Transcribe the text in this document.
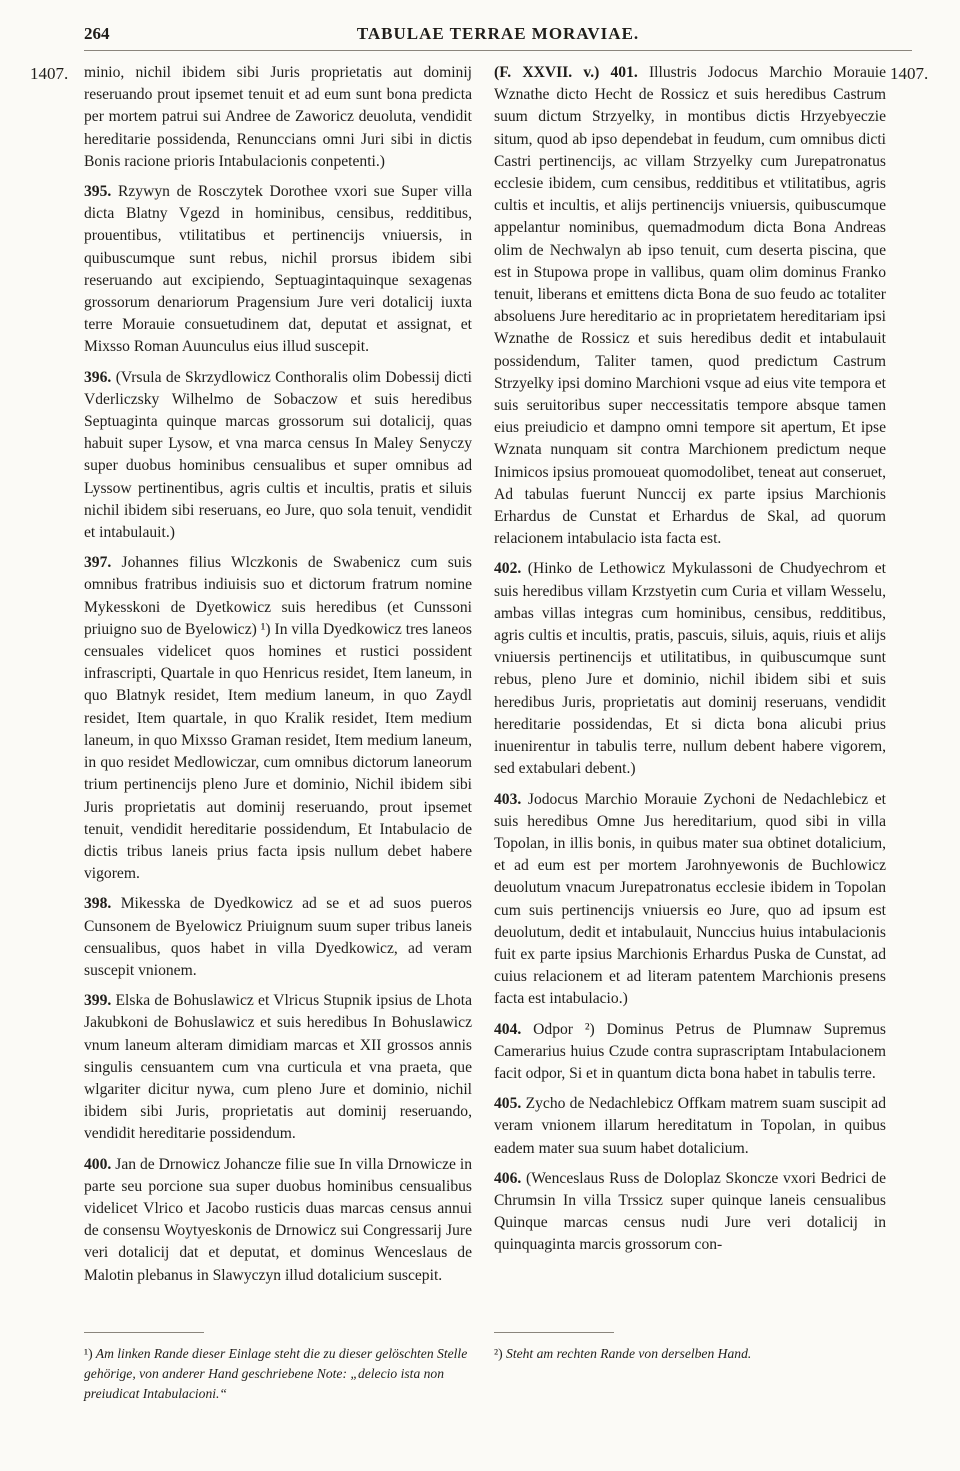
264	TABULAE TERRAE MORAVIAE.
1407.	1407.

minio, nichil ibidem sibi Juris proprietatis aut dominij reseruando prout ipsemet tenuit et ad eum sunt bona predicta per mortem patrui sui Andree de Zaworicz deuoluta, vendidit hereditarie possidenda, Renunccians omni Juri sibi in dictis Bonis racione prioris Intabulacionis conpetenti.)

395. Rzywyn de Rosczytek Dorothee vxori sue Super villa dicta Blatny Vgezd in hominibus, censibus, redditibus, prouentibus, vtilitatibus et pertinencijs vniuersis, in quibuscumque sunt rebus, nichil prorsus ibidem sibi reseruando aut excipiendo, Septuagintaquinque sexagenas grossorum denariorum Pragensium Jure veri dotalicij iuxta terre Morauie consuetudinem dat, deputat et assignat, et Mixsso Roman Auunculus eius illud suscepit.

396. (Vrsula de Skrzydlowicz Conthoralis olim Dobessij dicti Vderliczsky Wilhelmo de Sobaczow et suis heredibus Septuaginta quinque marcas grossorum sui dotalicij, quas habuit super Lysow, et vna marca census In Maley Senyczy super duobus hominibus censualibus et super omnibus ad Lyssow pertinentibus, agris cultis et incultis, pratis et siluis nichil ibidem sibi reseruans, eo Jure, quo sola tenuit, vendidit et intabulauit.)

397. Johannes filius Wlczkonis de Swabenicz cum suis omnibus fratribus indiuisis suo et dictorum fratrum nomine Mykesskoni de Dyetkowicz suis heredibus (et Cunssoni priuigno suo de Byelowicz) ¹) In villa Dyedkowicz tres laneos censuales videlicet quos homines et rustici possident infrascripti, Quartale in quo Henricus residet, Item laneum, in quo Blatnyk residet, Item medium laneum, in quo Zaydl residet, Item quartale, in quo Kralik residet, Item medium laneum, in quo Mixsso Graman residet, Item medium laneum, in quo residet Medlowiczar, cum omnibus dictorum laneorum trium pertinencijs pleno Jure et dominio, Nichil ibidem sibi Juris proprietatis aut dominij reseruando, prout ipsemet tenuit, vendidit hereditarie possidendum, Et Intabulacio de dictis tribus laneis prius facta ipsis nullum debet habere vigorem.

398. Mikesska de Dyedkowicz ad se et ad suos pueros Cunsonem de Byelowicz Priuignum suum super tribus laneis censualibus, quos habet in villa Dyedkowicz, ad veram suscepit vnionem.

399. Elska de Bohuslawicz et Vlricus Stupnik ipsius de Lhota Jakubkoni de Bohuslawicz et suis heredibus In Bohuslawicz vnum laneum alteram dimidiam marcas et XII grossos annis singulis censuantem cum vna curticula et vna praeta, que wlgariter dicitur nywa, cum pleno Jure et dominio, nichil ibidem sibi Juris, proprietatis aut dominij reseruando, vendidit hereditarie possidendum.

400. Jan de Drnowicz Johancze filie sue In villa Drnowicze in parte seu porcione sua super duobus hominibus censualibus videlicet Vlrico et Jacobo rusticis duas marcas census annui de consensu Woytyeskonis de Drnowicz sui Congressarij Jure veri dotalicij dat et deputat, et dominus Wenceslaus de Malotin plebanus in Slawyczyn illud dotalicium suscepit.

(F. XXVII. v.) 401. Illustris Jodocus Marchio Morauie Wznathe dicto Hecht de Rossicz et suis heredibus Castrum suum dictum Strzyelky, in montibus dictis Hrzyebyeczie situm, quod ab ipso dependebat in feudum, cum omnibus dicti Castri pertinencijs, ac villam Strzyelky cum Jurepatronatus ecclesie ibidem, cum censibus, redditibus et vtilitatibus, agris cultis et incultis, et alijs pertinencijs vniuersis, quibuscumque appelantur nominibus, quemadmodum dicta Bona Andreas olim de Nechwalyn ab ipso tenuit, cum deserta piscina, que est in Stupowa prope in vallibus, quam olim dominus Franko tenuit, liberans et emittens dicta Bona de suo feudo ac totaliter absoluens Jure hereditario ac in proprietatem hereditariam ipsi Wznathe de Rossicz et suis heredibus dedit et intabulauit possidendum, Taliter tamen, quod predictum Castrum Strzyelky ipsi domino Marchioni vsque ad eius vite tempora et suis seruitoribus super neccessitatis tempore absque tamen eius preiudicio et dampno omni tempore sit apertum, Et ipse Wznata nunquam sit contra Marchionem predictum neque Inimicos ipsius promoueat quomodolibet, teneat aut conseruet, Ad tabulas fuerunt Nunccij ex parte ipsius Marchionis Erhardus de Cunstat et Erhardus de Skal, ad quorum relacionem intabulacio ista facta est.

402. (Hinko de Lethowicz Mykulassoni de Chudyechrom et suis heredibus villam Krzstyetin cum Curia et villam Wesselu, ambas villas integras cum hominibus, censibus, redditibus, agris cultis et incultis, pratis, pascuis, siluis, aquis, riuis et alijs vniuersis pertinencijs et utilitatibus, in quibuscumque sunt rebus, pleno Jure et dominio, nichil ibidem sibi et suis heredibus Juris, proprietatis aut dominij reseruans, vendidit hereditarie possidendas, Et si dicta bona alicubi prius inuenirentur in tabulis terre, nullum debent habere vigorem, sed extabulari debent.)

403. Jodocus Marchio Morauie Zychoni de Nedachlebicz et suis heredibus Omne Jus hereditarium, quod sibi in villa Topolan, in illis bonis, in quibus mater sua obtinet dotalicium, et ad eum est per mortem Jarohnyewonis de Buchlowicz deuolutum vnacum Jurepatronatus ecclesie ibidem in Topolan cum suis pertinencijs vniuersis eo Jure, quo ad ipsum est deuolutum, dedit et intabulauit, Nunccius huius intabulacionis fuit ex parte ipsius Marchionis Erhardus Puska de Cunstat, ad cuius relacionem et ad literam patentem Marchionis presens facta est intabulacio.)

404. Odpor ²) Dominus Petrus de Plumnaw Supremus Camerarius huius Czude contra suprascriptam Intabulacionem facit odpor, Si et in quantum dicta bona habet in tabulis terre.

405. Zycho de Nedachlebicz Offkam matrem suam suscipit ad veram vnionem illarum hereditatum in Topolan, in quibus eadem mater sua suum habet dotalicium.

406. (Wenceslaus Russ de Doloplaz Skoncze vxori Bedrici de Chrumsin In villa Trssicz super quinque laneis censualibus Quinque marcas census nudi Jure veri dotalicij in quinquaginta marcis grossorum con-

¹) Am linken Rande dieser Einlage steht die zu dieser gelöschten Stelle gehörige, von anderer Hand geschriebene Note: „delecio ista non preiudicat Intabulacioni.“
²) Steht am rechten Rande von derselben Hand.
